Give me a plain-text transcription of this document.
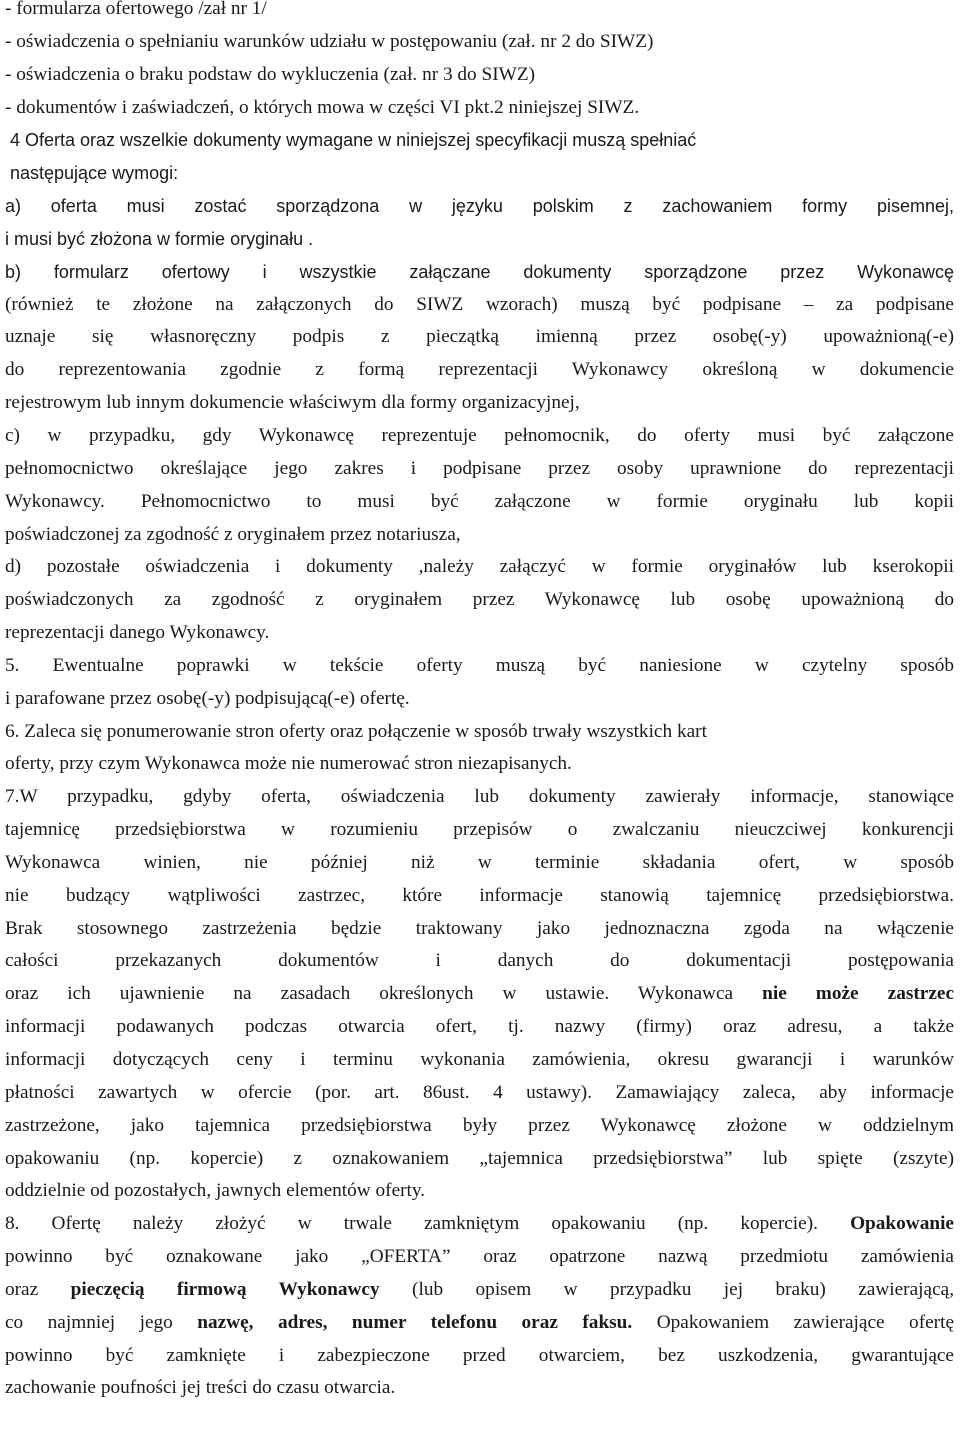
- formularza ofertowego /zał nr 1/
- oświadczenia o spełnianiu warunków udziału w postępowaniu (zał. nr 2 do SIWZ)
- oświadczenia o braku podstaw do wykluczenia (zał. nr 3 do SIWZ)
- dokumentów i zaświadczeń, o których mowa w części VI pkt.2 niniejszej SIWZ.
4 Oferta oraz wszelkie dokumenty wymagane w niniejszej specyfikacji muszą spełniać
następujące wymogi:
a) oferta musi zostać sporządzona w języku polskim z zachowaniem formy pisemnej,
i musi być złożona w formie oryginału .
b) formularz ofertowy i wszystkie załączane dokumenty sporządzone przez Wykonawcę
(również te złożone na załączonych do SIWZ wzorach) muszą być podpisane – za podpisane
uznaje się własnoręczny podpis z pieczątką imienną przez osobę(-y) upoważnioną(-e)
do reprezentowania zgodnie z formą reprezentacji Wykonawcy określoną w dokumencie
rejestrowym lub innym dokumencie właściwym dla formy organizacyjnej,
c) w przypadku, gdy Wykonawcę reprezentuje pełnomocnik, do oferty musi być załączone
pełnomocnictwo określające jego zakres i podpisane przez osoby uprawnione do reprezentacji
Wykonawcy. Pełnomocnictwo to musi być załączone w formie oryginału lub kopii
poświadczonej za zgodność z oryginałem przez notariusza,
d) pozostałe oświadczenia i dokumenty ,należy załączyć w formie oryginałów lub kserokopii
poświadczonych za zgodność z oryginałem przez Wykonawcę lub osobę upoważnioną do
reprezentacji danego Wykonawcy.
5. Ewentualne poprawki w tekście oferty muszą być naniesione w czytelny sposób
i parafowane przez osobę(-y) podpisującą(-e) ofertę.
6. Zaleca się ponumerowanie stron oferty oraz połączenie w sposób trwały wszystkich kart
oferty, przy czym Wykonawca może nie numerować stron niezapisanych.
7.W przypadku, gdyby oferta, oświadczenia lub dokumenty zawierały informacje, stanowiące
tajemnicę przedsiębiorstwa w rozumieniu przepisów o zwalczaniu nieuczciwej konkurencji
Wykonawca winien, nie później niż w terminie składania ofert, w sposób
nie budzący wątpliwości zastrzec, które informacje stanowią tajemnicę przedsiębiorstwa.
Brak stosownego zastrzeżenia będzie traktowany jako jednoznaczna zgoda na włączenie
całości przekazanych dokumentów i danych do dokumentacji postępowania
oraz ich ujawnienie na zasadach określonych w ustawie. Wykonawca nie może zastrzec
informacji podawanych podczas otwarcia ofert, tj. nazwy (firmy) oraz adresu, a także
informacji dotyczących ceny i terminu wykonania zamówienia, okresu gwarancji i warunków
płatności zawartych w ofercie (por. art. 86ust. 4 ustawy). Zamawiający zaleca, aby informacje
zastrzeżone, jako tajemnica przedsiębiorstwa były przez Wykonawcę złożone w oddzielnym
opakowaniu (np. kopercie) z oznakowaniem „tajemnica przedsiębiorstwa” lub spięte (zszyte)
oddzielnie od pozostałych, jawnych elementów oferty.
8. Ofertę należy złożyć w trwale zamkniętym opakowaniu (np. kopercie). Opakowanie
powinno być oznakowane jako „OFERTA” oraz opatrzone nazwą przedmiotu zamówienia
oraz pieczęcią firmową Wykonawcy (lub opisem w przypadku jej braku) zawierającą,
co najmniej jego nazwę, adres, numer telefonu oraz faksu. Opakowaniem zawierające ofertę
powinno być zamknięte i zabezpieczone przed otwarciem, bez uszkodzenia, gwarantujące
zachowanie poufności jej treści do czasu otwarcia.
